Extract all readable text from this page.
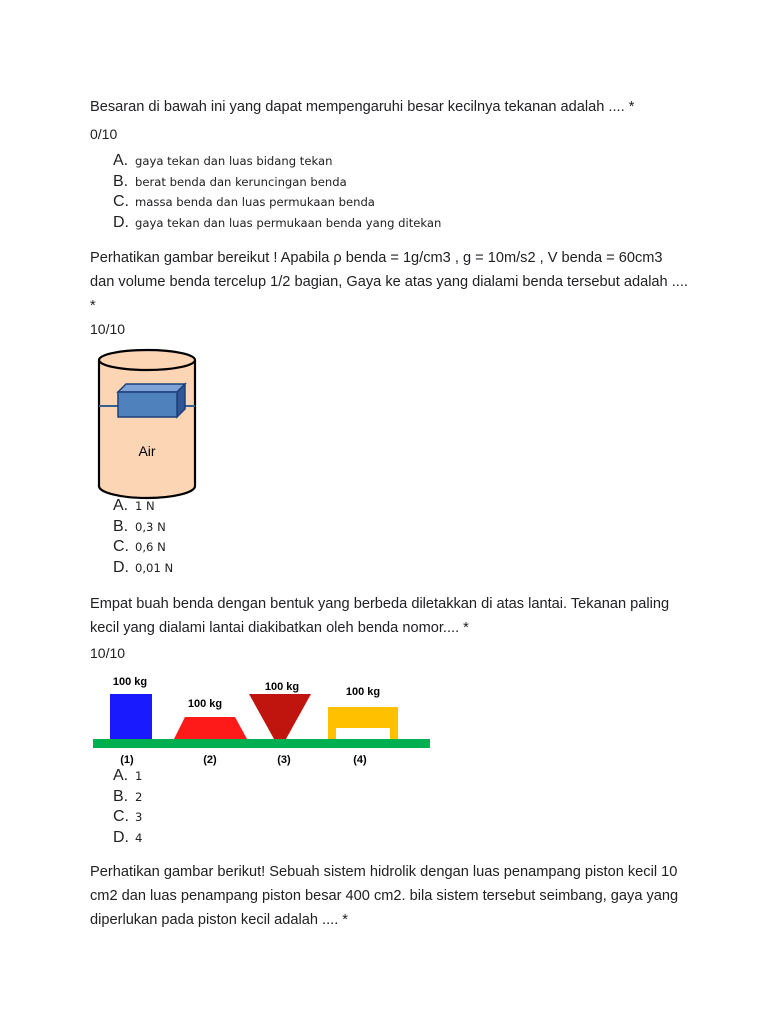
Besaran di bawah ini yang dapat mempengaruhi besar kecilnya tekanan adalah .... *
0/10
A. gaya tekan dan luas bidang tekan
B. berat benda dan keruncingan benda
C. massa benda dan luas permukaan benda
D. gaya tekan dan luas permukaan benda yang ditekan
Perhatikan gambar bereikut ! Apabila ρ benda = 1g/cm3 , g = 10m/s2 , V benda = 60cm3 dan volume benda tercelup 1/2 bagian, Gaya ke atas yang dialami benda tersebut adalah .... *
10/10
Air
A. 1 N
B. 0,3 N
C. 0,6 N
D. 0,01 N
Empat buah benda dengan bentuk yang berbeda diletakkan di atas lantai. Tekanan paling kecil yang dialami lantai diakibatkan oleh benda nomor.... *
10/10
100 kg
100 kg
100 kg	100 kg
(1)	(2)	(3)	(4)
A. 1
B. 2
C. 3
D. 4
Perhatikan gambar berikut! Sebuah sistem hidrolik dengan luas penampang piston kecil 10 cm2 dan luas penampang piston besar 400 cm2. bila sistem tersebut seimbang, gaya yang diperlukan pada piston kecil adalah .... *
